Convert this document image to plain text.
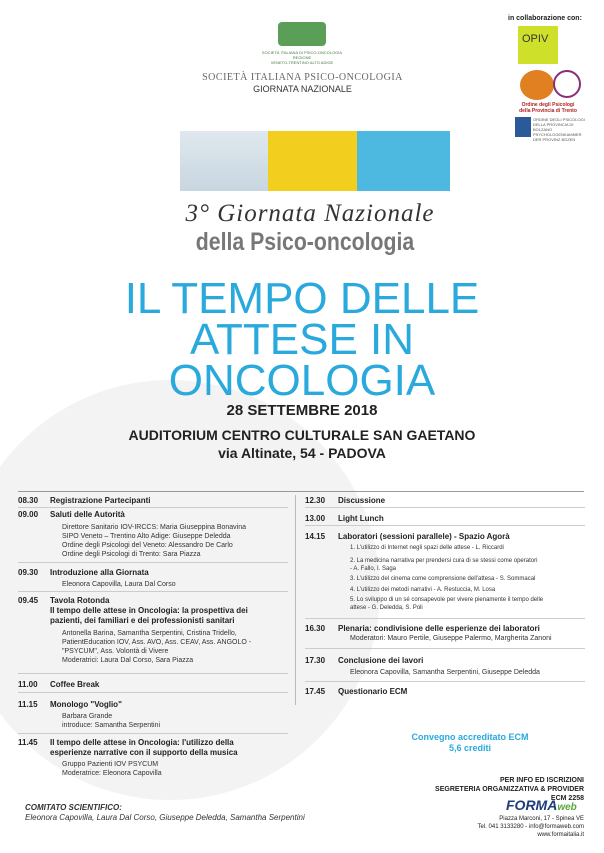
SOCIETÀ ITALIANA DI PSICO-ONCOLOGIA
REGIONE
VENETO-TRENTINO ALTO ADIGE
SOCIETÀ ITALIANA PSICO-ONCOLOGIA
GIORNATA NAZIONALE
in collaborazione con:
OPIV
Ordine degli Psicologi
della Provincia di Trento
ORDINE DEGLI PSICOLOGI
DELLA PROVINCIA DI BOLZANO
PSYCHOLOGENKAMMER
DER PROVINZ BOZEN
3° Giornata Nazionale
della Psico-oncologia
IL TEMPO DELLE
ATTESE IN
ONCOLOGIA
28 SETTEMBRE 2018
AUDITORIUM CENTRO CULTURALE SAN GAETANO
via Altinate, 54 - PADOVA
08.30 Registrazione Partecipanti
09.00 Saluti delle Autorità
Direttore Sanitario IOV-IRCCS: Maria Giuseppina Bonavina
SIPO Veneto – Trentino Alto Adige: Giuseppe Deledda
Ordine degli Psicologi del Veneto: Alessandro De Carlo
Ordine degli Psicologi di Trento: Sara Piazza
09.30 Introduzione alla Giornata
Eleonora Capovilla, Laura Dal Corso
09.45 Tavola Rotonda
Il tempo delle attese in Oncologia: la prospettiva dei
pazienti, dei familiari e dei professionisti sanitari
Antonella Barina, Samantha Serpentini, Cristina Tridello,
PatientEducation IOV, Ass. AVO, Ass. CEAV, Ass. ANGOLO -
"PSYCUM", Ass. Volontà di Vivere
Moderatrici: Laura Dal Corso, Sara Piazza
11.00 Coffee Break
11.15 Monologo "Voglio"
Barbara Grande
introduce: Samantha Serpentini
11.45 Il tempo delle attese in Oncologia: l'utilizzo della
esperienze narrative con il supporto della musica
Gruppo Pazienti IOV PSYCUM
Moderatrice: Eleonora Capovilla
12.30 Discussione
13.00 Light Lunch
14.15 Laboratori (sessioni parallele) - Spazio Agorà
1. L'utilizzo di Internet negli spazi delle attese - L. Riccardi
2. La medicina narrativa per prendersi cura di se stessi come operatori
- A. Fallo, I. Saga
3. L'utilizzo del cinema come comprensione dell'attesa - S. Sommacal
4. L'utilizzo dei metodi narrativi - A. Restuccia, M. Losa
5. Lo sviluppo di un sé consapevole per vivere pienamente il tempo delle
attese - G. Deledda, S. Poli
16.30 Plenaria: condivisione delle esperienze dei laboratori
Moderatori: Mauro Pertile, Giuseppe Palermo, Margherita Zanoni
17.30 Conclusione dei lavori
Eleonora Capovilla, Samantha Serpentini, Giuseppe Deledda
17.45 Questionario ECM
Convegno accreditato ECM
5,6 crediti
PER INFO ED ISCRIZIONI
SEGRETERIA ORGANIZZATIVA & PROVIDER ECM 2258
FORMAweb
Piazza Marconi, 17 - Spinea VE
Tel. 041 3133280 - info@formaweb.com
www.formaitalia.it
COMITATO SCIENTIFICO:
Eleonora Capovilla, Laura Dal Corso, Giuseppe Deledda, Samantha Serpentini
